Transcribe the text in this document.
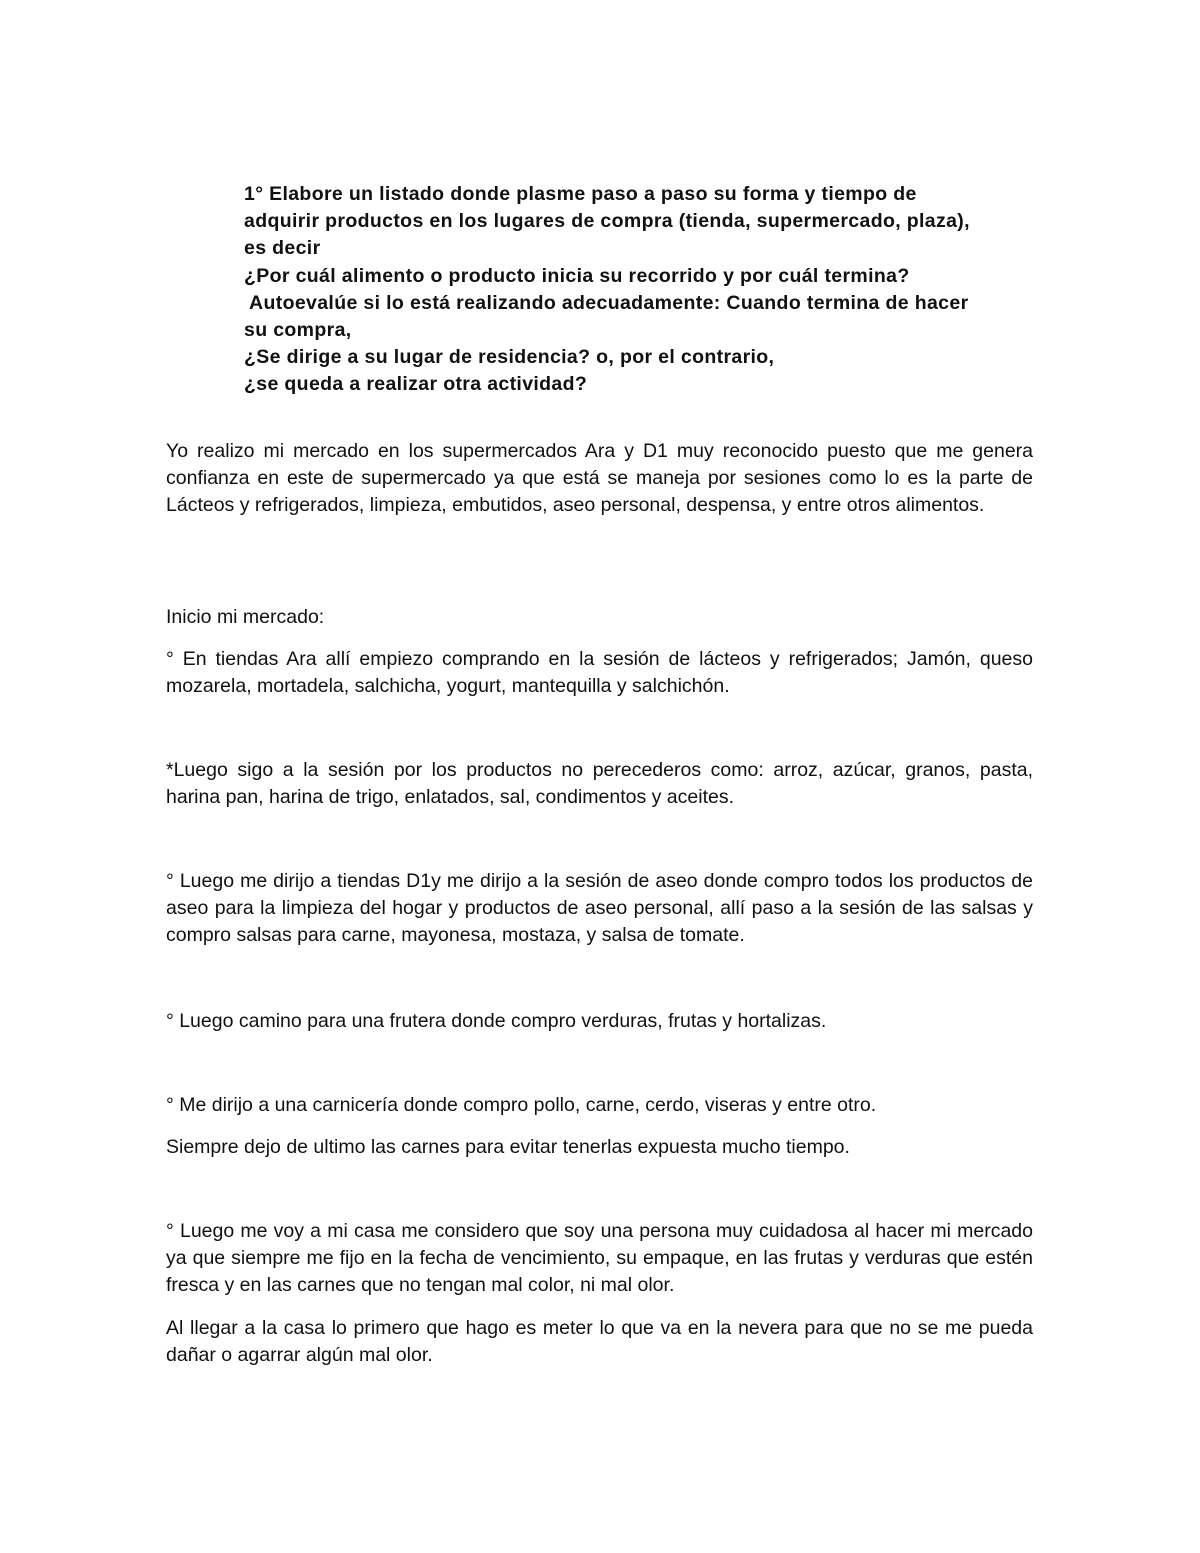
1° Elabore un listado donde plasme paso a paso su forma y tiempo de
adquirir productos en los lugares de compra (tienda, supermercado, plaza),
es decir
¿Por cuál alimento o producto inicia su recorrido y por cuál termina?
Autoevalúe si lo está realizando adecuadamente: Cuando termina de hacer
su compra,
¿Se dirige a su lugar de residencia? o, por el contrario,
¿se queda a realizar otra actividad?

Yo realizo mi mercado en los supermercados Ara y D1 muy reconocido puesto que me genera confianza en este de supermercado ya que está se maneja por sesiones como lo es la parte de Lácteos y refrigerados, limpieza, embutidos, aseo personal, despensa, y entre otros alimentos.

Inicio mi mercado:

° En tiendas Ara allí empiezo comprando en la sesión de lácteos y refrigerados; Jamón, queso mozarela, mortadela, salchicha, yogurt, mantequilla y salchichón.

*Luego sigo a la sesión por los productos no perecederos como: arroz, azúcar, granos, pasta, harina pan, harina de trigo, enlatados, sal, condimentos y aceites.

° Luego me dirijo a tiendas D1y me dirijo a la sesión de aseo donde compro todos los productos de aseo para la limpieza del hogar y productos de aseo personal, allí paso a la sesión de las salsas y compro salsas para carne, mayonesa, mostaza, y salsa de tomate.

° Luego camino para una frutera donde compro verduras, frutas y hortalizas.

° Me dirijo a una carnicería donde compro pollo, carne, cerdo, viseras y entre otro.

Siempre dejo de ultimo las carnes para evitar tenerlas expuesta mucho tiempo.

° Luego me voy a mi casa me considero que soy una persona muy cuidadosa al hacer mi mercado ya que siempre me fijo en la fecha de vencimiento, su empaque, en las frutas y verduras que estén fresca y en las carnes que no tengan mal color, ni mal olor.

Al llegar a la casa lo primero que hago es meter lo que va en la nevera para que no se me pueda dañar o agarrar algún mal olor.
